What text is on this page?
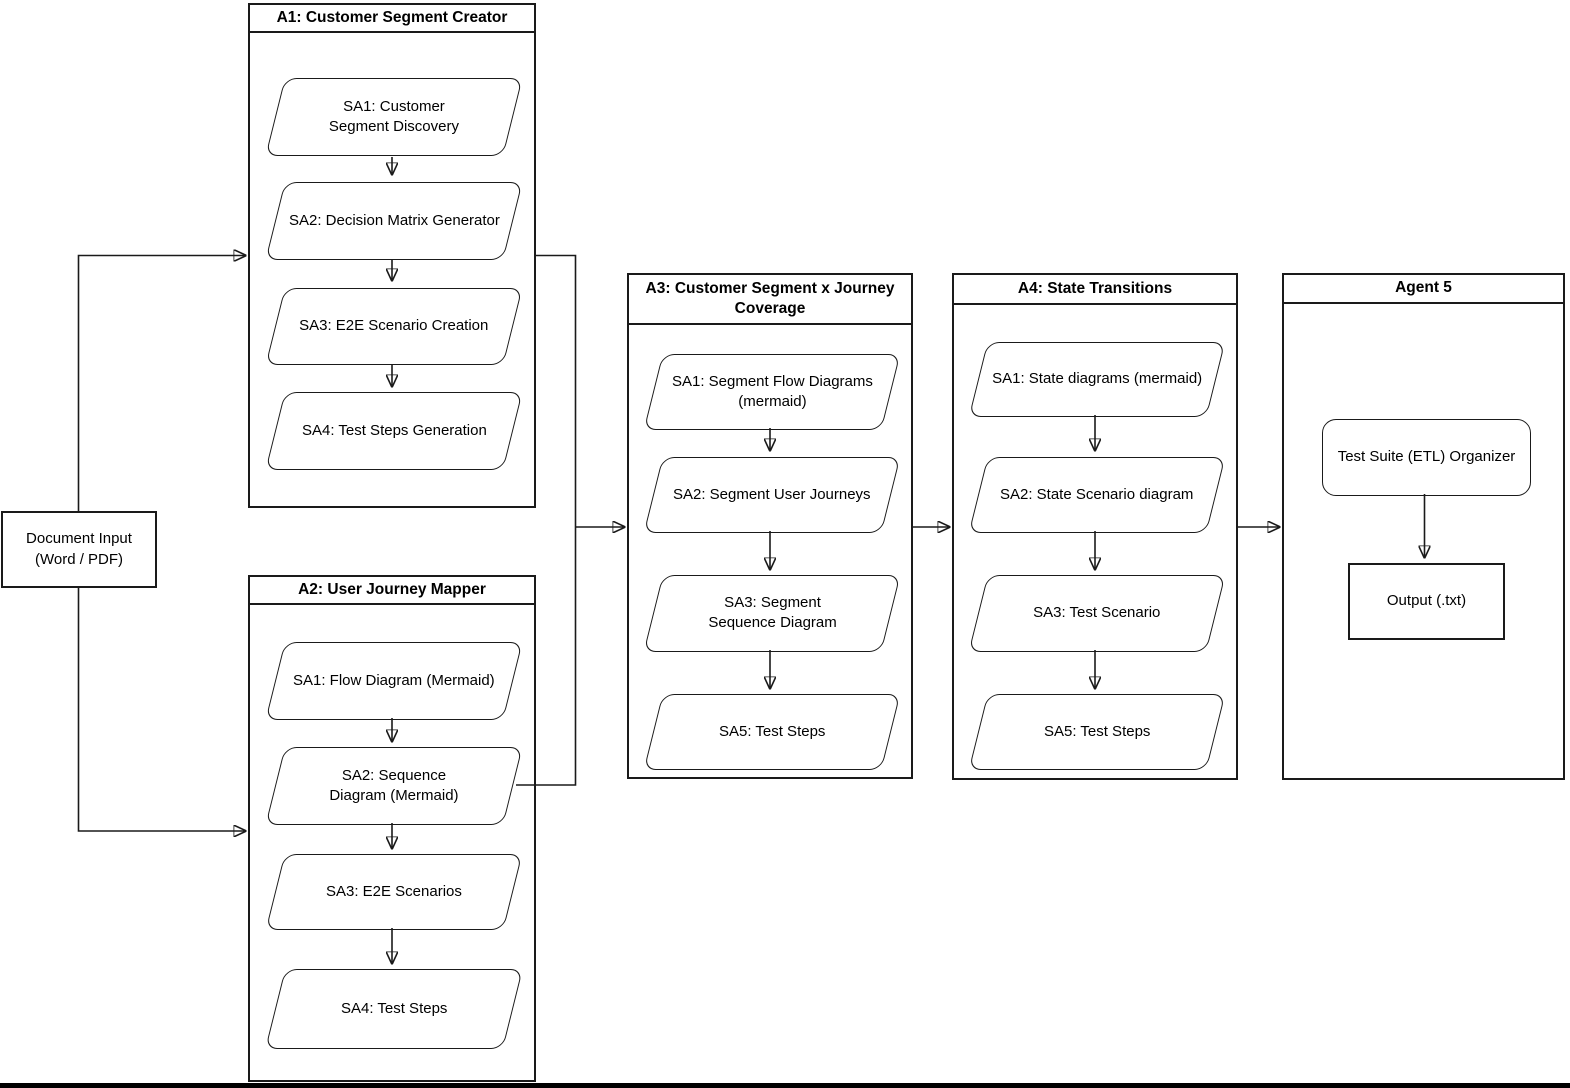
Document Input (Word / PDF)
A1: Customer Segment Creator
SA1: Customer Segment Discovery
SA2: Decision Matrix Generator
SA3: E2E Scenario Creation
SA4: Test Steps Generation
A2: User Journey Mapper
SA1: Flow Diagram (Mermaid)
SA2: Sequence Diagram (Mermaid)
SA3: E2E Scenarios
SA4: Test Steps
A3: Customer Segment x Journey Coverage
SA1: Segment Flow Diagrams (mermaid)
SA2: Segment User Journeys
SA3: Segment Sequence Diagram
SA5: Test Steps
A4: State Transitions
SA1: State diagrams (mermaid)
SA2: State Scenario diagram
SA3: Test Scenario
SA5: Test Steps
Agent 5
Test Suite (ETL) Organizer
Output (.txt)
